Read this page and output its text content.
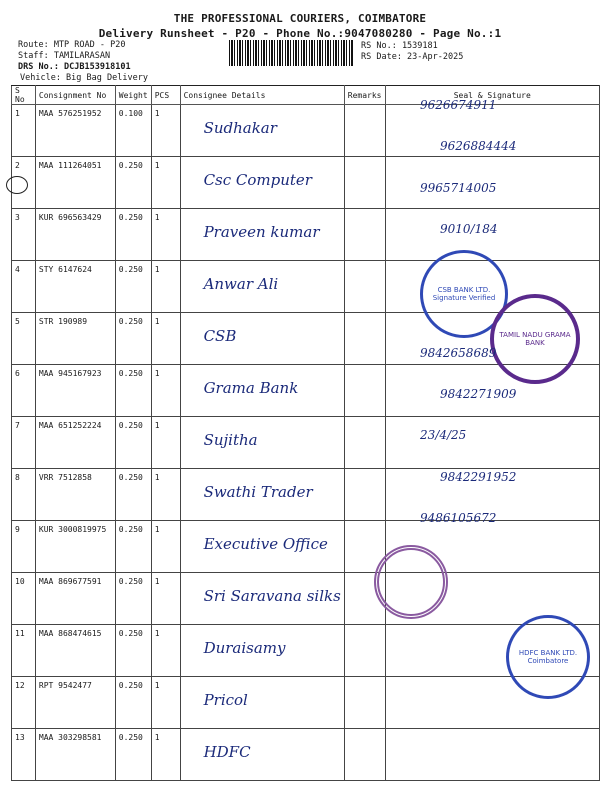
THE PROFESSIONAL COURIERS, COIMBATORE
Delivery Runsheet - P20 - Phone No.:9047080280 - Page No.:1
Route: MTP ROAD - P20
Staff: TAMILARASAN
DRS No.: DCJB153918101
Vehicle: Big Bag Delivery
RS No.: 1539181
RS Date: 23-Apr-2025
S No	Consignment No	Weight	PCS	Consignee Details	Remarks	Seal & Signature
1	MAA 576251952	0.100	1	Sudhakar		
2	MAA 111264051	0.250	1	Csc Computer		
3	KUR 696563429	0.250	1	Praveen kumar		
4	STY 6147624	0.250	1	Anwar Ali		
5	STR 190989	0.250	1	CSB		
6	MAA 945167923	0.250	1	Grama Bank		
7	MAA 651252224	0.250	1	Sujitha		
8	VRR 7512858	0.250	1	Swathi Trader		
9	KUR 3000819975	0.250	1	Executive Office		
10	MAA 869677591	0.250	1	Sri Saravana silks		
11	MAA 868474615	0.250	1	Duraisamy		
12	RPT 9542477	0.250	1	Pricol		
13	MAA 303298581	0.250	1	HDFC		
CSB BANK LTD. Signature Verified
TAMIL NADU GRAMA BANK
HDFC BANK LTD. Coimbatore
9626674911
9626884444
9965714005
9010/184
9842658689
9842271909
23/4/25
9842291952
9486105672
